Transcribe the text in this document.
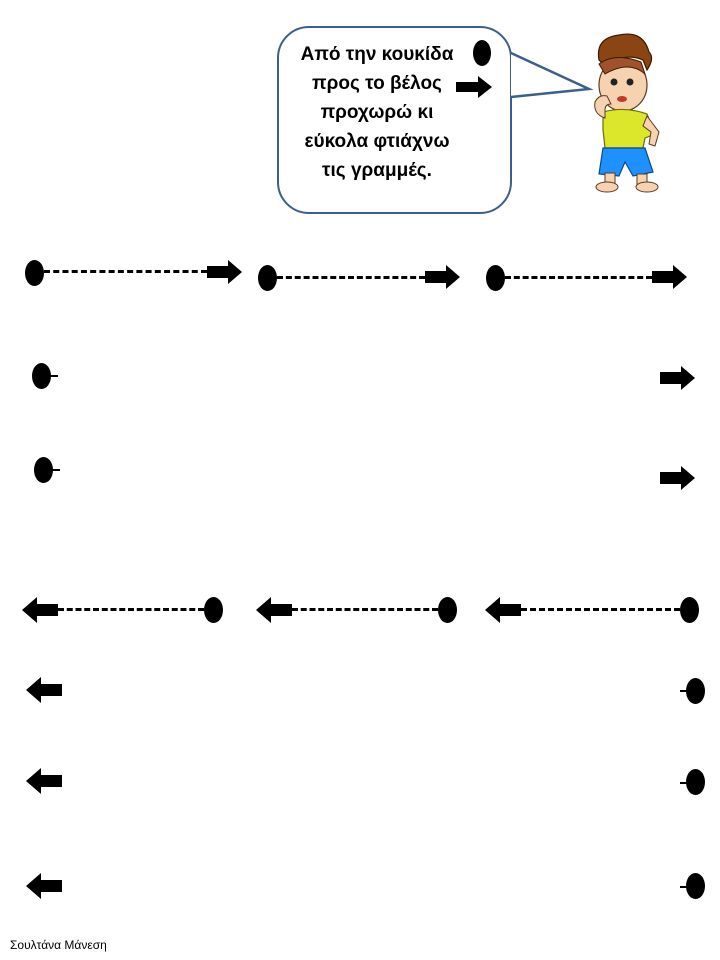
Από την κουκίδα
προς το βέλος
προχωρώ κι
εύκολα φτιάχνω
τις γραμμές.
Σουλτάνα Μάνεση
